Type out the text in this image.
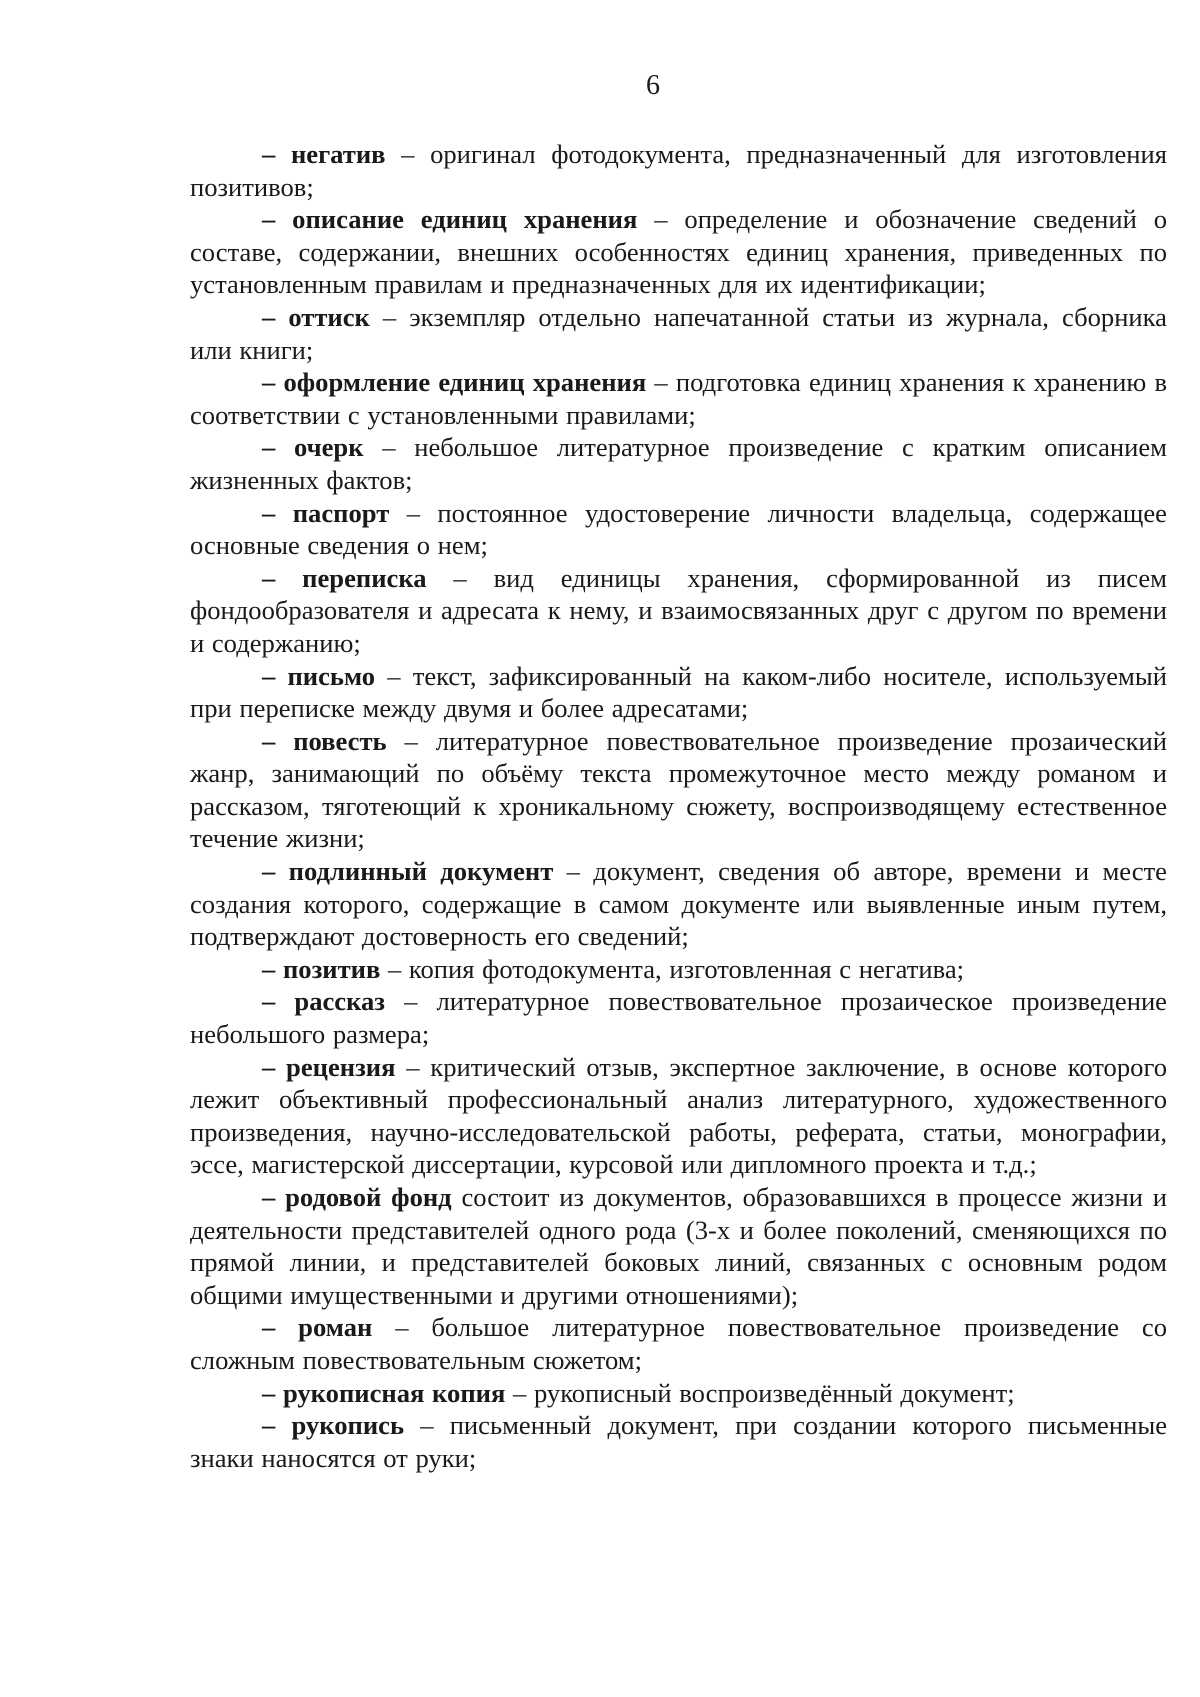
6

– негатив – оригинал фотодокумента, предназначенный для изготовления позитивов;

– описание единиц хранения – определение и обозначение сведений о составе, содержании, внешних особенностях единиц хранения, приведенных по установленным правилам и предназначенных для их идентификации;

– оттиск – экземпляр отдельно напечатанной статьи из журнала, сборника или книги;

– оформление единиц хранения – подготовка единиц хранения к хранению в соответствии с установленными правилами;

– очерк – небольшое литературное произведение с кратким описанием жизненных фактов;

– паспорт – постоянное удостоверение личности владельца, содержащее основные сведения о нем;

– переписка – вид единицы хранения, сформированной из писем фондообразователя и адресата к нему, и взаимосвязанных друг с другом по времени и содержанию;

– письмо – текст, зафиксированный на каком-либо носителе, используемый при переписке между двумя и более адресатами;

– повесть – литературное повествовательное произведение прозаический жанр, занимающий по объёму текста промежуточное место между романом и рассказом, тяготеющий к хроникальному сюжету, воспроизводящему естественное течение жизни;

– подлинный документ – документ, сведения об авторе, времени и месте создания которого, содержащие в самом документе или выявленные иным путем, подтверждают достоверность его сведений;

– позитив – копия фотодокумента, изготовленная с негатива;

– рассказ – литературное повествовательное прозаическое произведение небольшого размера;

– рецензия – критический отзыв, экспертное заключение, в основе которого лежит объективный профессиональный анализ литературного, художественного произведения, научно-исследовательской работы, реферата, статьи, монографии, эссе, магистерской диссертации, курсовой или дипломного проекта и т.д.;

– родовой фонд состоит из документов, образовавшихся в процессе жизни и деятельности представителей одного рода (3-х и более поколений, сменяющихся по прямой линии, и представителей боковых линий, связанных с основным родом общими имущественными и другими отношениями);

– роман – большое литературное повествовательное произведение со сложным повествовательным сюжетом;

– рукописная копия – рукописный воспроизведённый документ;

– рукопись – письменный документ, при создании которого письменные знаки наносятся от руки;
